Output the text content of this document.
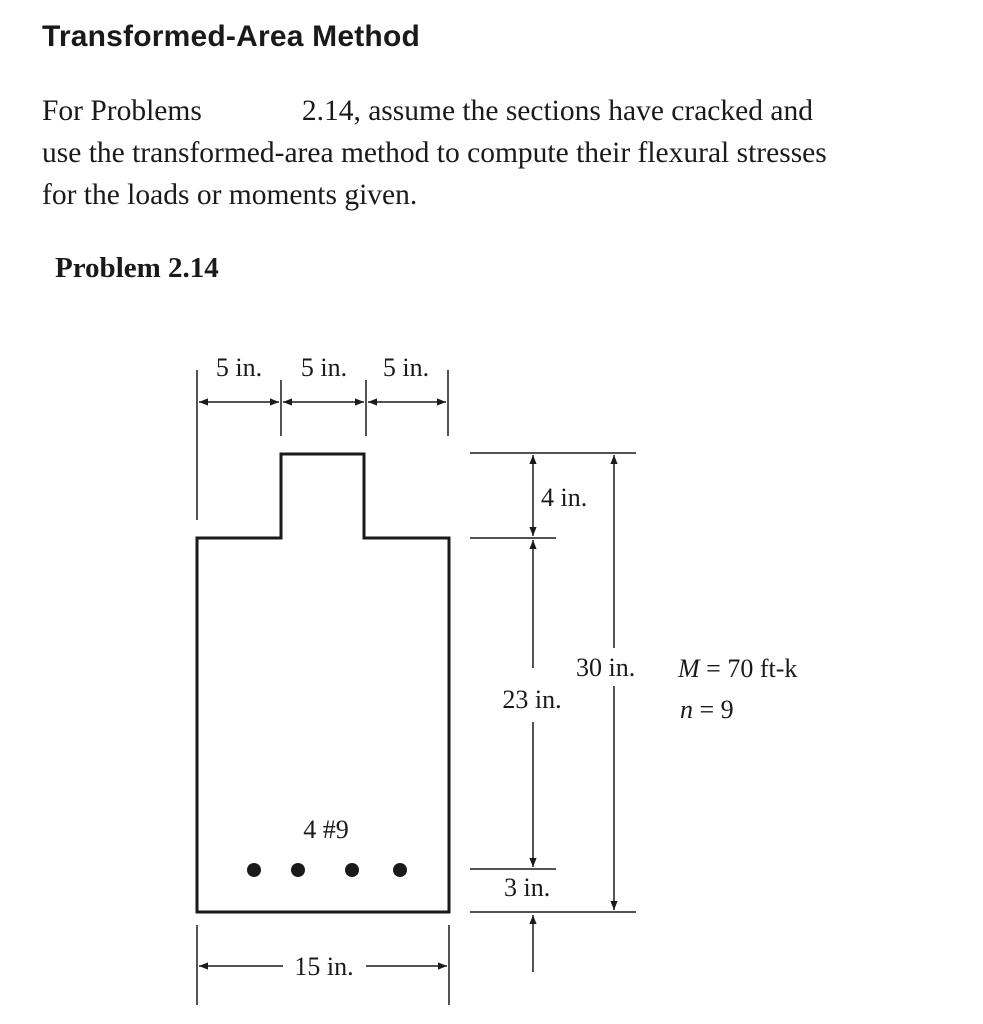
Transformed-Area Method
For Problems	2.14, assume the sections have cracked and
use the transformed-area method to compute their flexural stresses
for the loads or moments given.
Problem 2.14
4 #9
5 in. 5 in. 5 in.
4 in.
23 in.
3 in.
30 in. M = 70 ft-k
n = 9
15 in.
